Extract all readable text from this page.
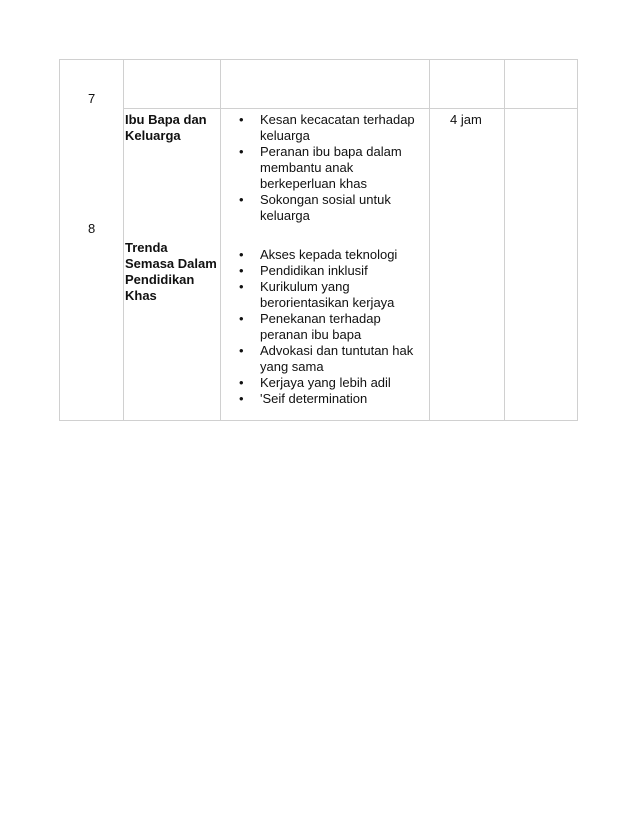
7
8
Ibu Bapa dan
Keluarga
Trenda
Semasa Dalam
Pendidikan
Khas
4 jam
• Kesan kecacatan terhadap keluarga
• Peranan ibu bapa dalam membantu anak berkeperluan khas
• Sokongan sosial untuk keluarga
• Akses kepada teknologi
• Pendidikan inklusif
• Kurikulum yang berorientasikan kerjaya
• Penekanan terhadap peranan ibu bapa
• Advokasi dan tuntutan hak yang sama
• Kerjaya yang lebih adil
• 'Seif determination
